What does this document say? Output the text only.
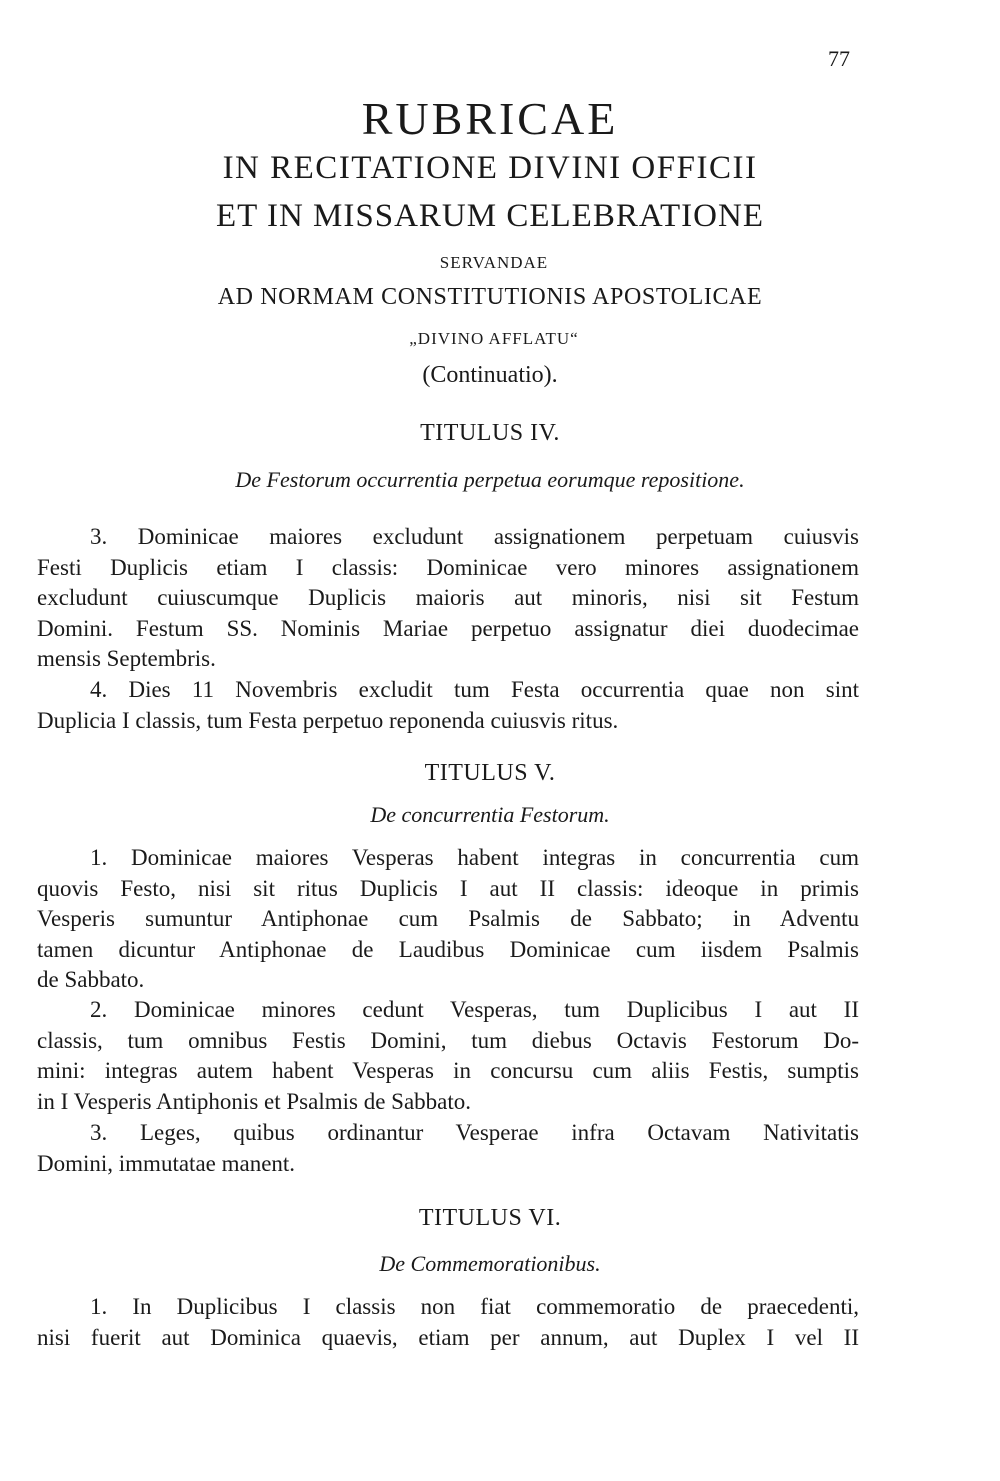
77
RUBRICAE
IN RECITATIONE DIVINI OFFICII
ET IN MISSARUM CELEBRATIONE
SERVANDAE
AD NORMAM CONSTITUTIONIS APOSTOLICAE
„DIVINO AFFLATU“
(Continuatio).
TITULUS IV.
De Festorum occurrentia perpetua eorumque repositione.
3. Dominicae maiores excludunt assignationem perpetuam cuiusvis
Festi Duplicis etiam I classis: Dominicae vero minores assignationem
excludunt cuiuscumque Duplicis maioris aut minoris, nisi sit Festum
Domini. Festum SS. Nominis Mariae perpetuo assignatur diei duodecimae
mensis Septembris.
4. Dies 11 Novembris excludit tum Festa occurrentia quae non sint
Duplicia I classis, tum Festa perpetuo reponenda cuiusvis ritus.
TITULUS V.
De concurrentia Festorum.
1. Dominicae maiores Vesperas habent integras in concurrentia cum
quovis Festo, nisi sit ritus Duplicis I aut II classis: ideoque in primis
Vesperis sumuntur Antiphonae cum Psalmis de Sabbato; in Adventu
tamen dicuntur Antiphonae de Laudibus Dominicae cum iisdem Psalmis
de Sabbato.
2. Dominicae minores cedunt Vesperas, tum Duplicibus I aut II
classis, tum omnibus Festis Domini, tum diebus Octavis Festorum Do-
mini: integras autem habent Vesperas in concursu cum aliis Festis, sumptis
in I Vesperis Antiphonis et Psalmis de Sabbato.
3. Leges, quibus ordinantur Vesperae infra Octavam Nativitatis
Domini, immutatae manent.
TITULUS VI.
De Commemorationibus.
1. In Duplicibus I classis non fiat commemoratio de praecedenti,
nisi fuerit aut Dominica quaevis, etiam per annum, aut Duplex I vel II
